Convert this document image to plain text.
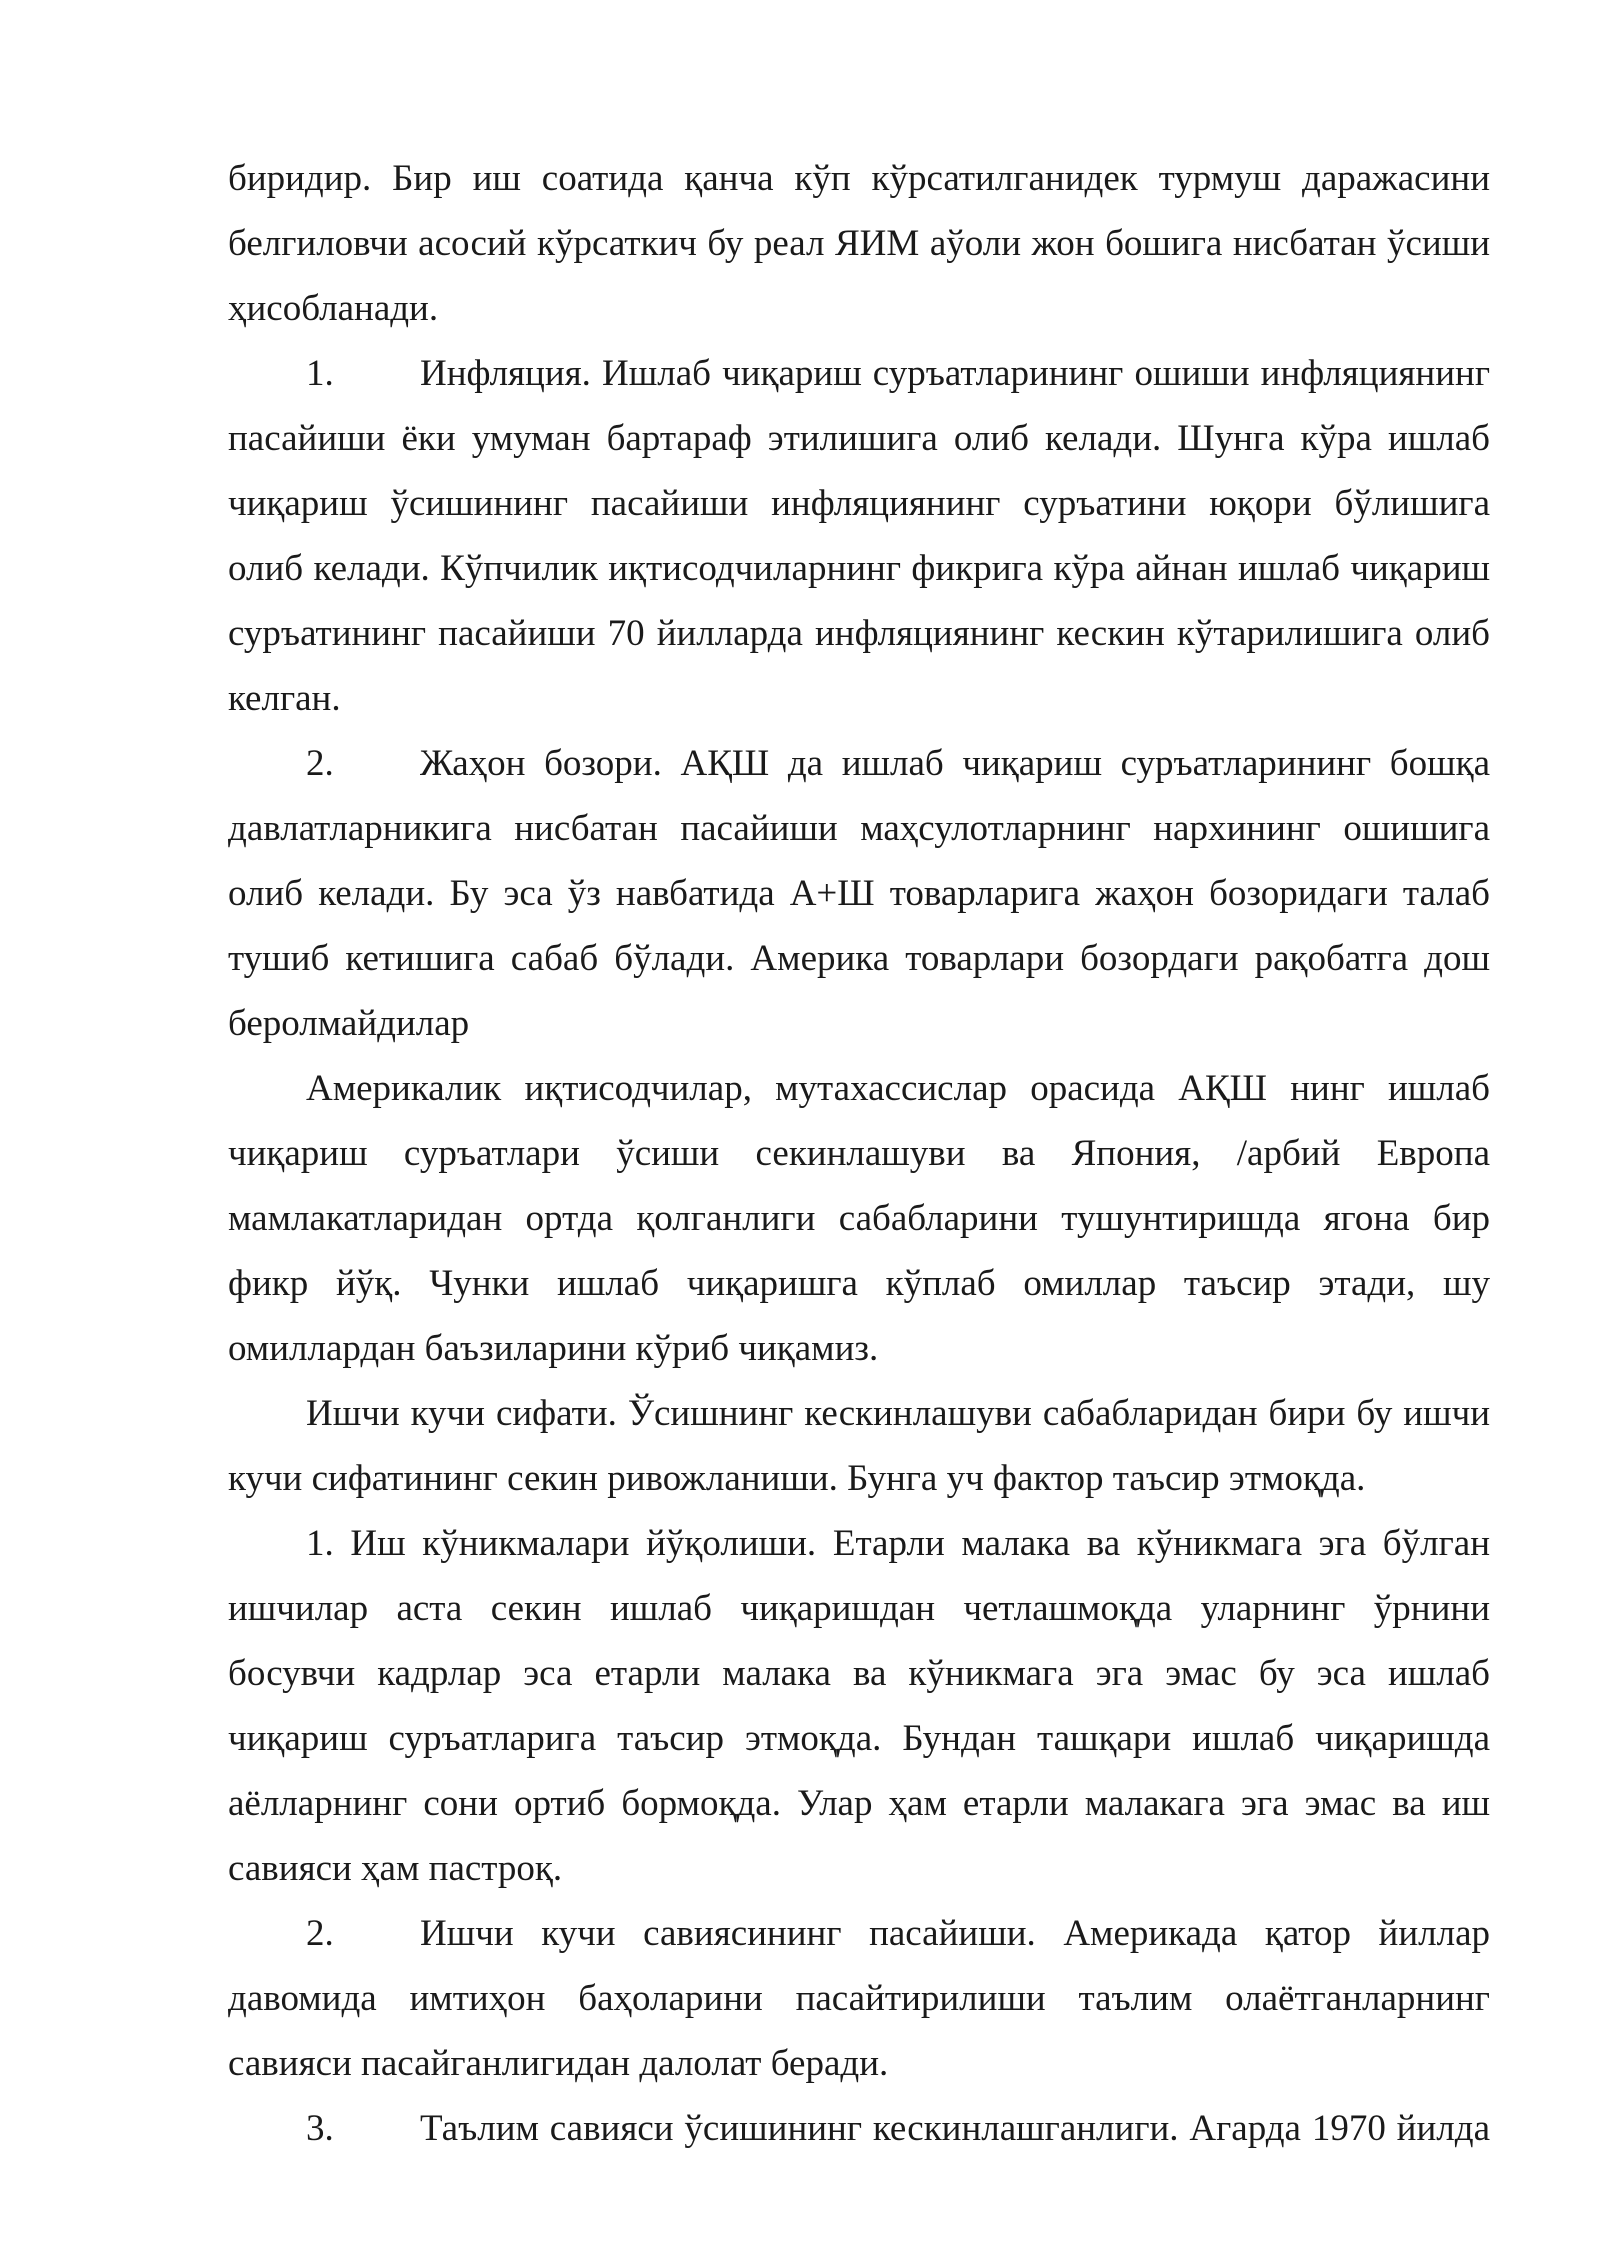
биридир. Бир иш соатида қанча кўп кўрсатилганидек турмуш даражасини белгиловчи асосий кўрсаткич бу реал ЯИМ аўоли жон бошига нисбатан ўсиши ҳисобланади.

1. Инфляция. Ишлаб чиқариш суръатларининг ошиши инфляциянинг пасайиши ёки умуман бартараф этилишига олиб келади. Шунга кўра ишлаб чиқариш ўсишининг пасайиши инфляциянинг суръатини юқори бўлишига олиб келади. Кўпчилик иқтисодчиларнинг фикрига кўра айнан ишлаб чиқариш суръатининг пасайиши 70 йилларда инфляциянинг кескин кўтарилишига олиб келган.

2. Жаҳон бозори. АҚШ да ишлаб чиқариш суръатларининг бошқа давлатларникига нисбатан пасайиши маҳсулотларнинг нархининг ошишига олиб келади. Бу эса ўз навбатида А+Ш товарларига жаҳон бозоридаги талаб тушиб кетишига сабаб бўлади. Америка товарлари бозордаги рақобатга дош беролмайдилар

Америкалик иқтисодчилар, мутахассислар орасида АҚШ нинг ишлаб чиқариш суръатлари ўсиши секинлашуви ва Япония, /арбий Европа мамлакатларидан ортда қолганлиги сабабларини тушунтиришда ягона бир фикр йўқ. Чунки ишлаб чиқаришга кўплаб омиллар таъсир этади, шу омиллардан баъзиларини кўриб чиқамиз.

Ишчи кучи сифати. Ўсишнинг кескинлашуви сабабларидан бири бу ишчи кучи сифатининг секин ривожланиши. Бунга уч фактор таъсир этмоқда.

1. Иш кўникмалари йўқолиши. Етарли малака ва кўникмага эга бўлган ишчилар аста секин ишлаб чиқаришдан четлашмоқда уларнинг ўрнини босувчи кадрлар эса етарли малака ва кўникмага эга эмас бу эса ишлаб чиқариш суръатларига таъсир этмоқда. Бундан ташқари ишлаб чиқаришда аёлларнинг сони ортиб бормоқда. Улар ҳам етарли малакага эга эмас ва иш савияси ҳам пастроқ.

2. Ишчи кучи савиясининг пасайиши. Америкада қатор йиллар давомида имтиҳон баҳоларини пасайтирилиши таълим олаётганларнинг савияси пасайганлигидан далолат беради.

3. Таълим савияси ўсишининг кескинлашганлиги. Агарда 1970 йилда
